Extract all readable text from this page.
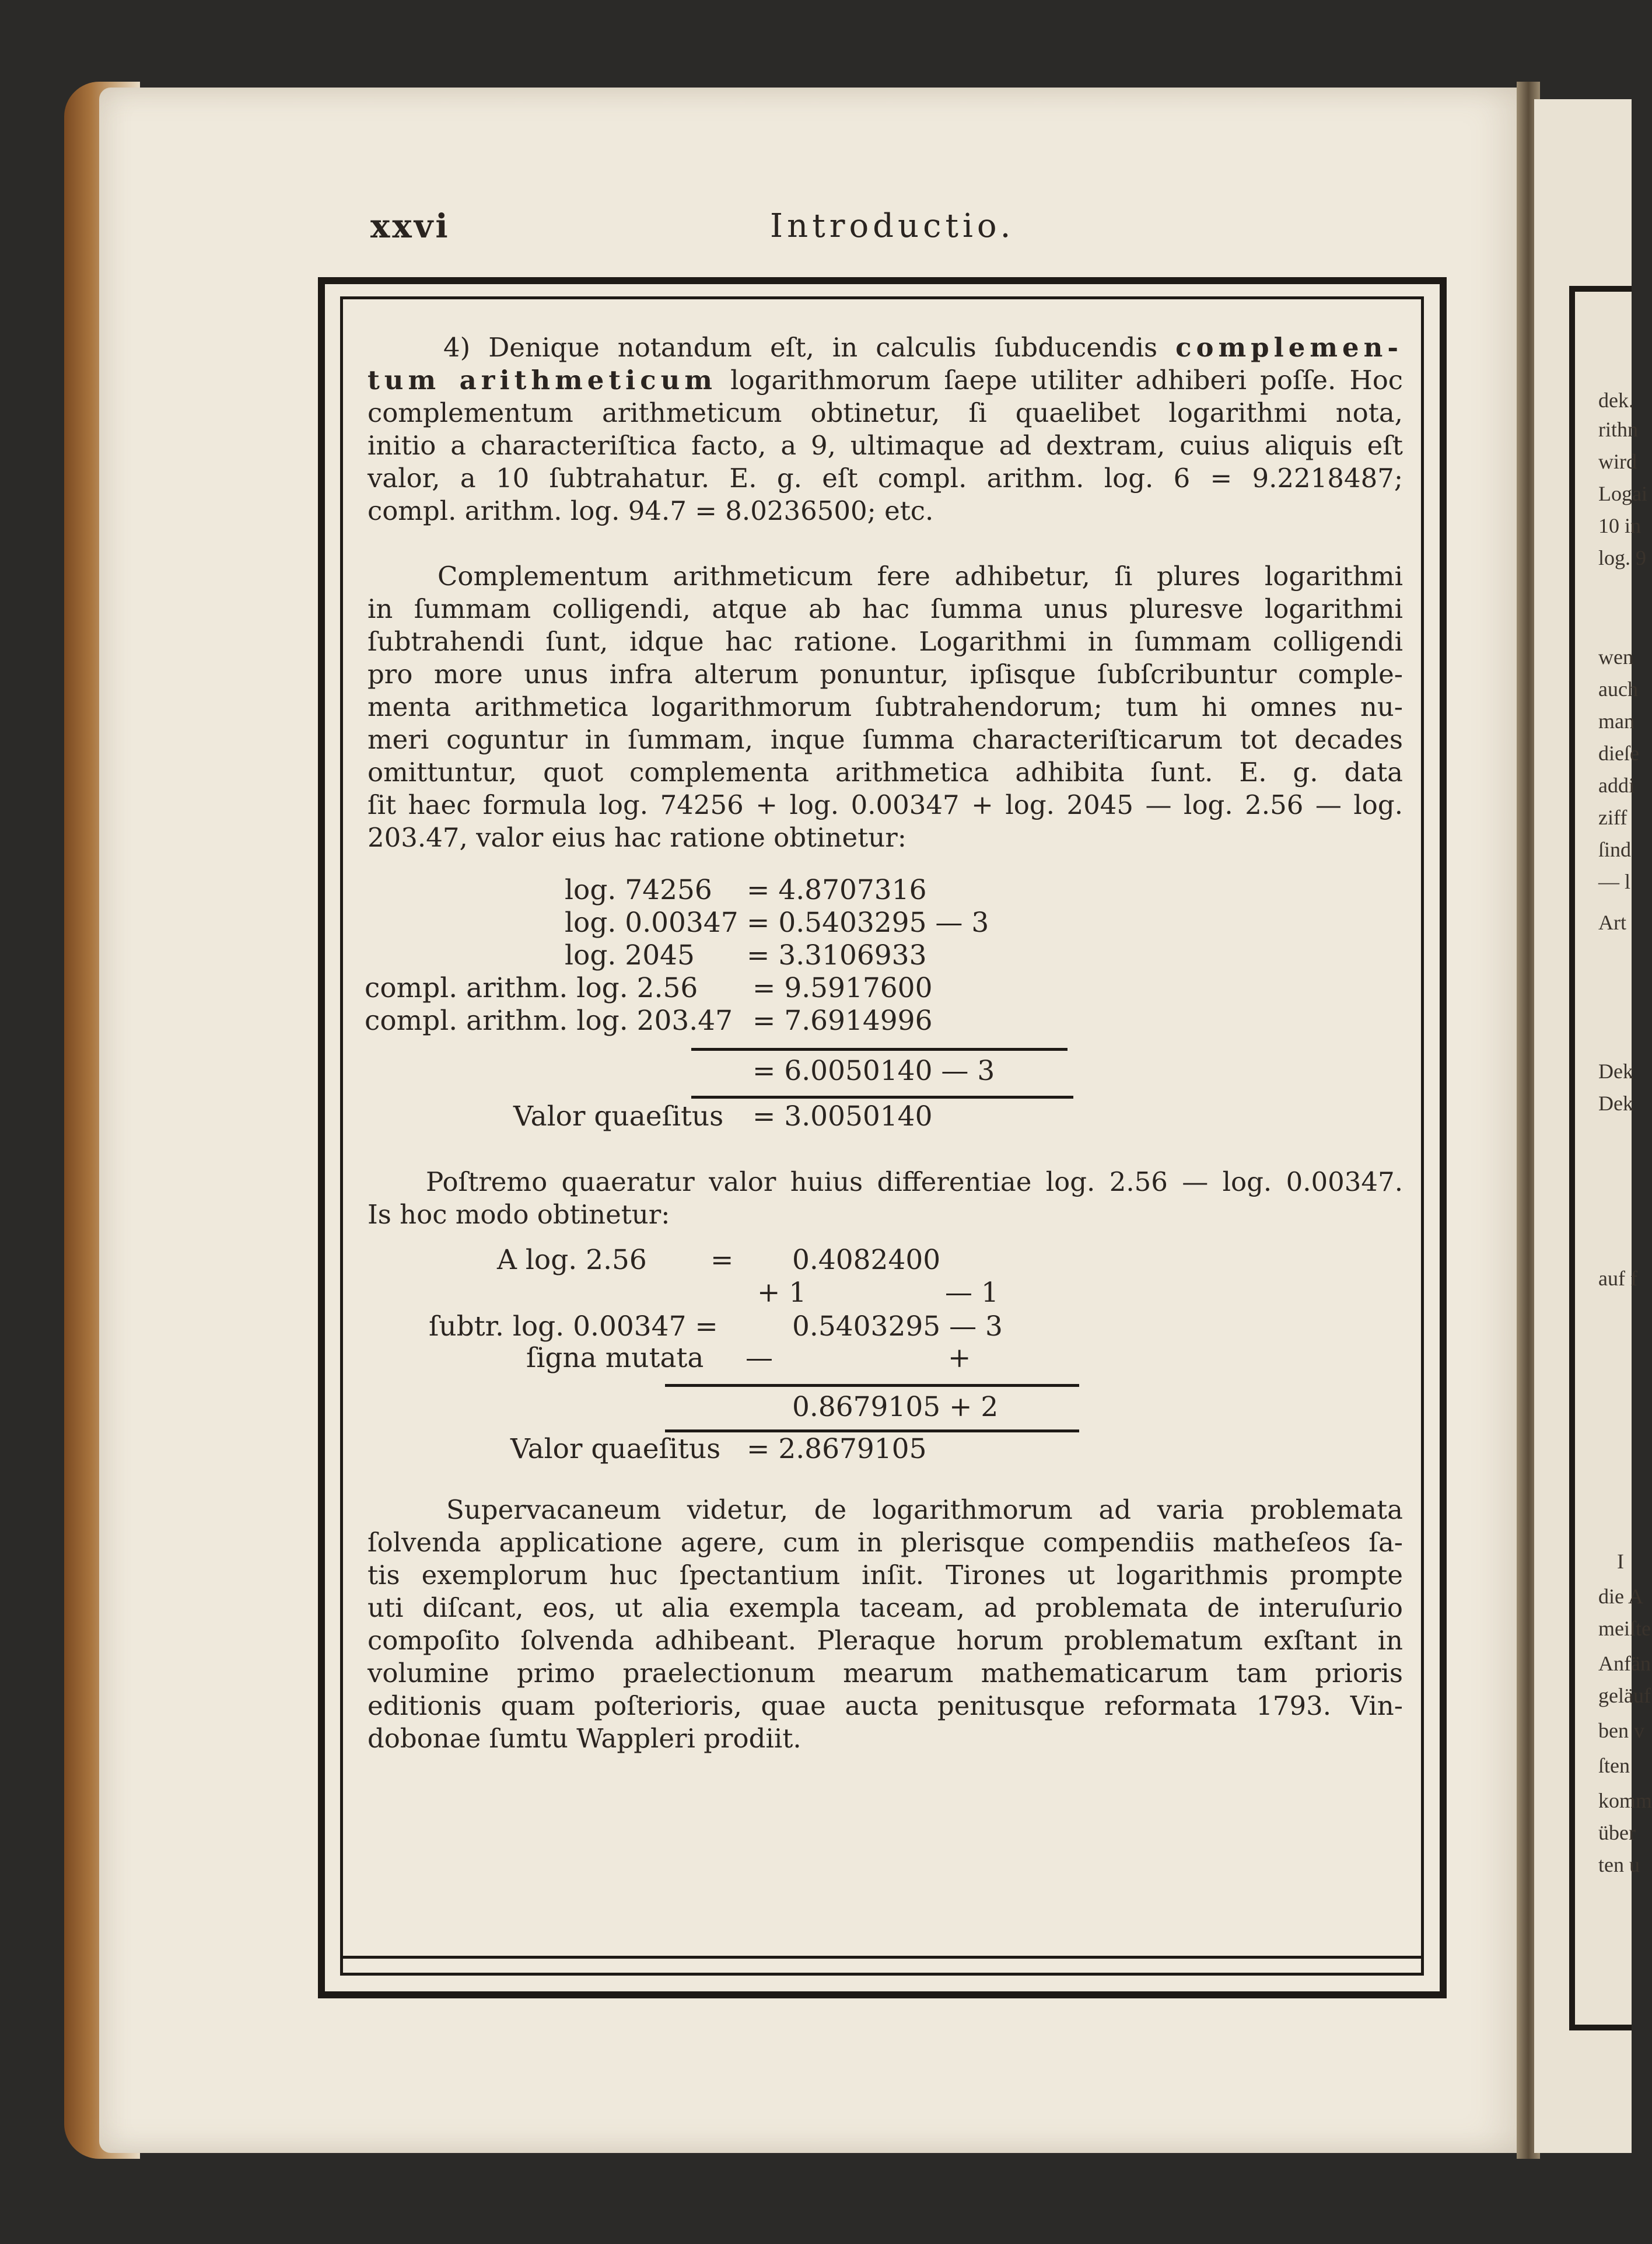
dek.
rithn
wird
Logai
10 in
log. 9
wen
auch
man
dieſe
addi
ziff
ſind
— l
Art
Dek
Dek
auf f
I
die A
meiſte
Anfän
geläuf
ben v
ſten
komm
über
ten u
xxvi	Introductio.
4) Denique notandum eſt, in calculis ſubducendis complemen-
tum arithmeticum logarithmorum ſaepe utiliter adhiberi poſſe. Hoc
complementum arithmeticum obtinetur, ſi quaelibet logarithmi nota,
initio a characteriſtica facto, a 9, ultimaque ad dextram, cuius aliquis eſt
valor, a 10 ſubtrahatur. E. g. eſt compl. arithm. log. 6 = 9.2218487;
compl. arithm. log. 94.7 = 8.0236500; etc.
Complementum arithmeticum fere adhibetur, ſi plures logarithmi
in ſummam colligendi, atque ab hac ſumma unus pluresve logarithmi
ſubtrahendi ſunt, idque hac ratione. Logarithmi in ſummam colligendi
pro more unus infra alterum ponuntur, ipſisque ſubſcribuntur comple-
menta arithmetica logarithmorum ſubtrahendorum; tum hi omnes nu-
meri coguntur in ſummam, inque ſumma characteriſticarum tot decades
omittuntur, quot complementa arithmetica adhibita ſunt. E. g. data
ſit haec formula log. 74256 + log. 0.00347 + log. 2045 — log. 2.56 — log.
203.47, valor eius hac ratione obtinetur:
log. 74256 = 4.8707316
log. 0.00347 = 0.5403295 — 3
log. 2045 = 3.3106933
compl. arithm. log. 2.56 = 9.5917600
compl. arithm. log. 203.47 = 7.6914996
= 6.0050140 — 3
Valor quaeſitus = 3.0050140
Poſtremo quaeratur valor huius differentiae log. 2.56 — log. 0.00347.
Is hoc modo obtinetur:
A log. 2.56 = 0.4082400
+ 1	— 1
ſubtr. log. 0.00347 =	0.5403295 — 3
ſigna mutata —	+
0.8679105 + 2
Valor quaeſitus = 2.8679105
Supervacaneum videtur, de logarithmorum ad varia problemata
ſolvenda applicatione agere, cum in plerisque compendiis matheſeos ſa-
tis exemplorum huc ſpectantium inſit. Tirones ut logarithmis prompte
uti diſcant, eos, ut alia exempla taceam, ad problemata de interuſurio
compoſito ſolvenda adhibeant. Pleraque horum problematum exſtant in
volumine primo praelectionum mearum mathematicarum tam prioris
editionis quam poſterioris, quae aucta penitusque reformata 1793. Vin-
dobonae ſumtu Wappleri prodiit.
